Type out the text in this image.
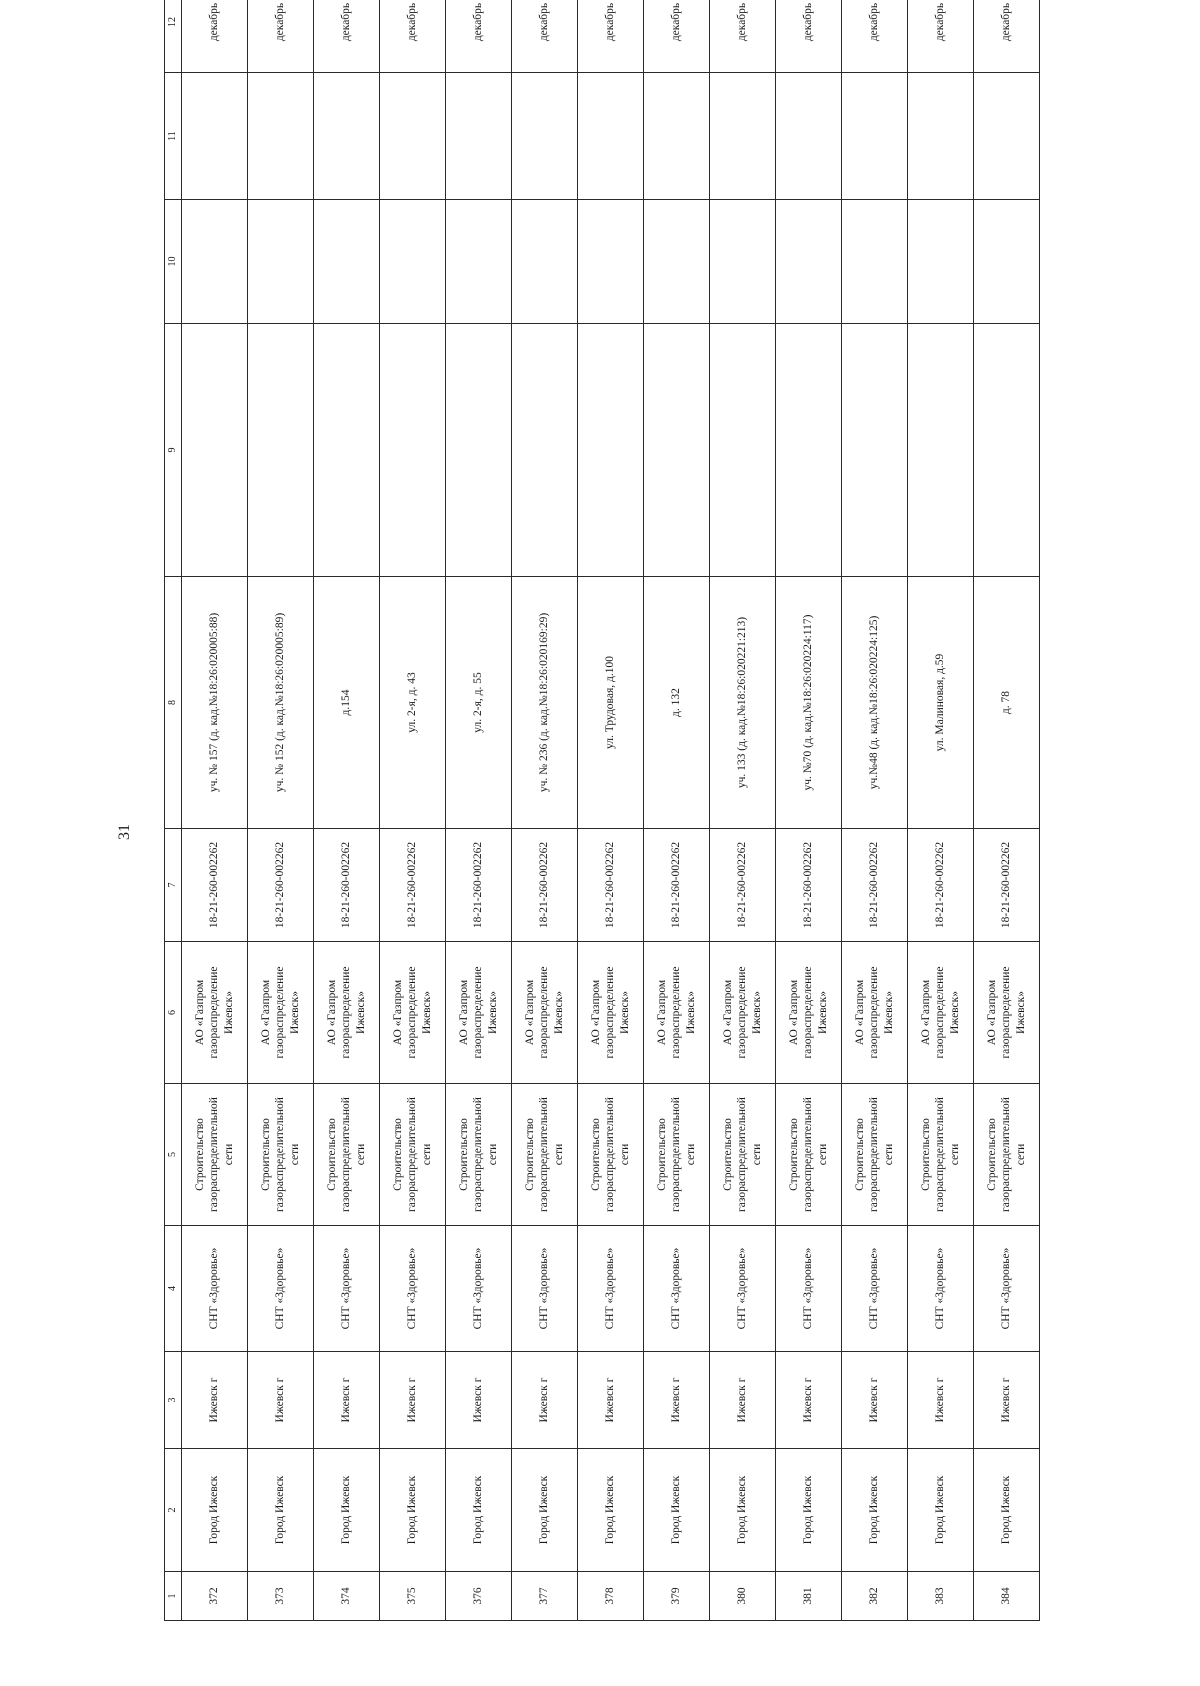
31
1	2	3	4	5	6	7	8	9	10	11	12	
372	Город Ижевск	Ижевск г	СНТ «Здоровье»	Строительство газораспределительной сети	АО «Газпром газораспределение Ижевск»	18-21-260-002262	уч. № 157 (д. кад.№18:26:020005:88)				декабрь	
373	Город Ижевск	Ижевск г	СНТ «Здоровье»	Строительство газораспределительной сети	АО «Газпром газораспределение Ижевск»	18-21-260-002262	уч. № 152 (д. кад.№18:26:020005:89)				декабрь	
374	Город Ижевск	Ижевск г	СНТ «Здоровье»	Строительство газораспределительной сети	АО «Газпром газораспределение Ижевск»	18-21-260-002262	д.154				декабрь	
375	Город Ижевск	Ижевск г	СНТ «Здоровье»	Строительство газораспределительной сети	АО «Газпром газораспределение Ижевск»	18-21-260-002262	ул. 2-я, д. 43				декабрь	
376	Город Ижевск	Ижевск г	СНТ «Здоровье»	Строительство газораспределительной сети	АО «Газпром газораспределение Ижевск»	18-21-260-002262	ул. 2-я, д. 55				декабрь	
377	Город Ижевск	Ижевск г	СНТ «Здоровье»	Строительство газораспределительной сети	АО «Газпром газораспределение Ижевск»	18-21-260-002262	уч. № 236 (д. кад.№18:26:020169:29)				декабрь	
378	Город Ижевск	Ижевск г	СНТ «Здоровье»	Строительство газораспределительной сети	АО «Газпром газораспределение Ижевск»	18-21-260-002262	ул. Трудовая, д.100				декабрь	
379	Город Ижевск	Ижевск г	СНТ «Здоровье»	Строительство газораспределительной сети	АО «Газпром газораспределение Ижевск»	18-21-260-002262	д. 132				декабрь	
380	Город Ижевск	Ижевск г	СНТ «Здоровье»	Строительство газораспределительной сети	АО «Газпром газораспределение Ижевск»	18-21-260-002262	уч. 133 (д. кад.№18:26:020221:213)				декабрь	
381	Город Ижевск	Ижевск г	СНТ «Здоровье»	Строительство газораспределительной сети	АО «Газпром газораспределение Ижевск»	18-21-260-002262	уч. №70 (д. кад.№18:26:020224:117)				декабрь	
382	Город Ижевск	Ижевск г	СНТ «Здоровье»	Строительство газораспределительной сети	АО «Газпром газораспределение Ижевск»	18-21-260-002262	уч.№48 (д. кад.№18:26:020224:125)				декабрь	
383	Город Ижевск	Ижевск г	СНТ «Здоровье»	Строительство газораспределительной сети	АО «Газпром газораспределение Ижевск»	18-21-260-002262	ул. Малиновая, д.59				декабрь	
384	Город Ижевск	Ижевск г	СНТ «Здоровье»	Строительство газораспределительной сети	АО «Газпром газораспределение Ижевск»	18-21-260-002262	д. 78				декабрь	
